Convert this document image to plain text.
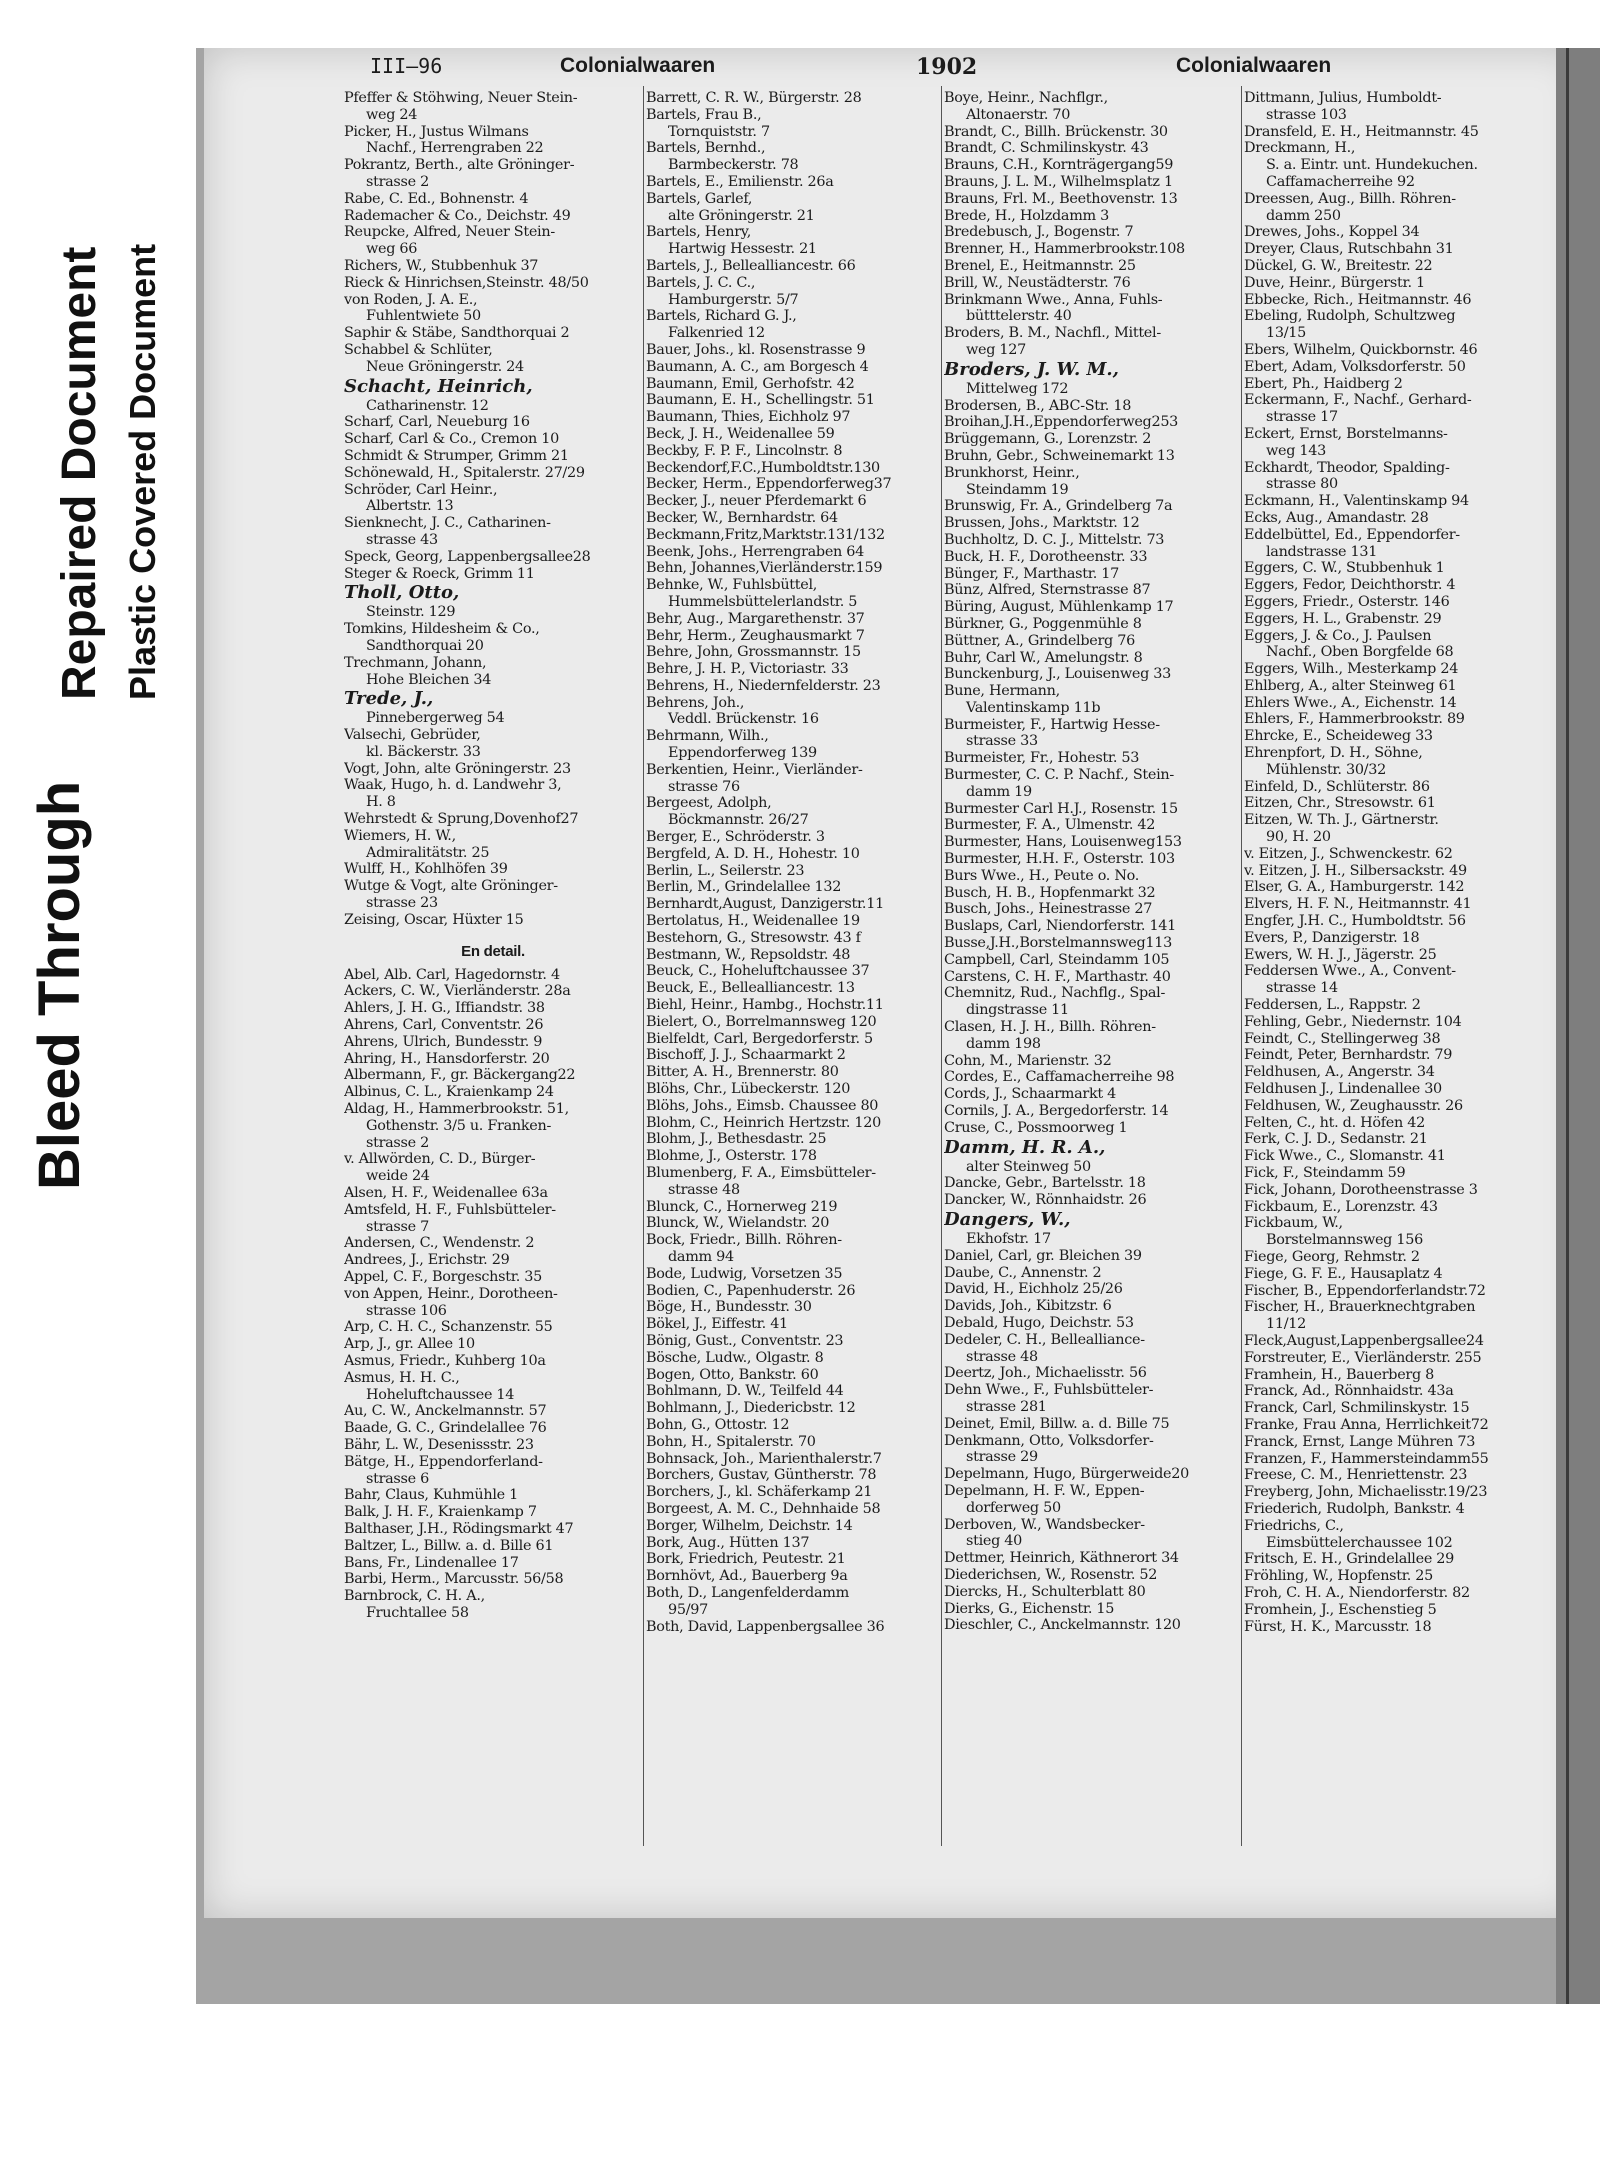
Bleed Through
Repaired Document Plastic Covered Document
III—96	Colonialwaaren	1902	Colonialwaaren
Pfeffer & Stöhwing, Neuer Stein-
weg 24
Picker, H., Justus Wilmans
Nachf., Herrengraben 22
Pokrantz, Berth., alte Gröninger-
strasse 2
Rabe, C. Ed., Bohnenstr. 4
Rademacher & Co., Deichstr. 49
Reupcke, Alfred, Neuer Stein-
weg 66
Richers, W., Stubbenhuk 37
Rieck & Hinrichsen,Steinstr. 48/50
von Roden, J. A. E.,
Fuhlentwiete 50
Saphir & Stäbe, Sandthorquai 2
Schabbel & Schlüter,
Neue Gröningerstr. 24
Schacht, Heinrich,
Catharinenstr. 12
Scharf, Carl, Neueburg 16
Scharf, Carl & Co., Cremon 10
Schmidt & Strumper, Grimm 21
Schönewald, H., Spitalerstr. 27/29
Schröder, Carl Heinr.,
Albertstr. 13
Sienknecht, J. C., Catharinen-
strasse 43
Speck, Georg, Lappenbergsallee28
Steger & Roeck, Grimm 11
Tholl, Otto,
Steinstr. 129
Tomkins, Hildesheim & Co.,
Sandthorquai 20
Trechmann, Johann,
Hohe Bleichen 34
Trede, J.,
Pinnebergerweg 54
Valsechi, Gebrüder,
kl. Bäckerstr. 33
Vogt, John, alte Gröningerstr. 23
Waak, Hugo, h. d. Landwehr 3,
H. 8
Wehrstedt & Sprung,Dovenhof27
Wiemers, H. W.,
Admiralitätstr. 25
Wulff, H., Kohlhöfen 39
Wutge & Vogt, alte Gröninger-
strasse 23
Zeising, Oscar, Hüxter 15
En detail.
Abel, Alb. Carl, Hagedornstr. 4
Ackers, C. W., Vierländerstr. 28a
Ahlers, J. H. G., Iffiandstr. 38
Ahrens, Carl, Conventstr. 26
Ahrens, Ulrich, Bundesstr. 9
Ahring, H., Hansdorferstr. 20
Albermann, F., gr. Bäckergang22
Albinus, C. L., Kraienkamp 24
Aldag, H., Hammerbrookstr. 51,
Gothenstr. 3/5 u. Franken-
strasse 2
v. Allwörden, C. D., Bürger-
weide 24
Alsen, H. F., Weidenallee 63a
Amtsfeld, H. F., Fuhlsbütteler-
strasse 7
Andersen, C., Wendenstr. 2
Andrees, J., Erichstr. 29
Appel, C. F., Borgeschstr. 35
von Appen, Heinr., Dorotheen-
strasse 106
Arp, C. H. C., Schanzenstr. 55
Arp, J., gr. Allee 10
Asmus, Friedr., Kuhberg 10a
Asmus, H. H. C.,
Hoheluftchaussee 14
Au, C. W., Anckelmannstr. 57
Baade, G. C., Grindelallee 76
Bähr, L. W., Desenissstr. 23
Bätge, H., Eppendorferland-
strasse 6
Bahr, Claus, Kuhmühle 1
Balk, J. H. F., Kraienkamp 7
Balthaser, J.H., Rödingsmarkt 47
Baltzer, L., Billw. a. d. Bille 61
Bans, Fr., Lindenallee 17
Barbi, Herm., Marcusstr. 56/58
Barnbrock, C. H. A.,
Fruchtallee 58
Barrett, C. R. W., Bürgerstr. 28
Bartels, Frau B.,
Tornquiststr. 7
Bartels, Bernhd.,
Barmbeckerstr. 78
Bartels, E., Emilienstr. 26a
Bartels, Garlef,
alte Gröningerstr. 21
Bartels, Henry,
Hartwig Hessestr. 21
Bartels, J., Bellealliancestr. 66
Bartels, J. C. C.,
Hamburgerstr. 5/7
Bartels, Richard G. J.,
Falkenried 12
Bauer, Johs., kl. Rosenstrasse 9
Baumann, A. C., am Borgesch 4
Baumann, Emil, Gerhofstr. 42
Baumann, E. H., Schellingstr. 51
Baumann, Thies, Eichholz 97
Beck, J. H., Weidenallee 59
Beckby, F. P. F., Lincolnstr. 8
Beckendorf,F.C.,Humboldtstr.130
Becker, Herm., Eppendorferweg37
Becker, J., neuer Pferdemarkt 6
Becker, W., Bernhardstr. 64
Beckmann,Fritz,Marktstr.131/132
Beenk, Johs., Herrengraben 64
Behn, Johannes,Vierländerstr.159
Behnke, W., Fuhlsbüttel,
Hummelsbüttelerlandstr. 5
Behr, Aug., Margarethenstr. 37
Behr, Herm., Zeughausmarkt 7
Behre, John, Grossmannstr. 15
Behre, J. H. P., Victoriastr. 33
Behrens, H., Niedernfelderstr. 23
Behrens, Joh.,
Veddl. Brückenstr. 16
Behrmann, Wilh.,
Eppendorferweg 139
Berkentien, Heinr., Vierländer-
strasse 76
Bergeest, Adolph,
Böckmannstr. 26/27
Berger, E., Schröderstr. 3
Bergfeld, A. D. H., Hohestr. 10
Berlin, L., Seilerstr. 23
Berlin, M., Grindelallee 132
Bernhardt,August, Danzigerstr.11
Bertolatus, H., Weidenallee 19
Bestehorn, G., Stresowstr. 43 f
Bestmann, W., Repsoldstr. 48
Beuck, C., Hoheluftchaussee 37
Beuck, E., Bellealliancestr. 13
Biehl, Heinr., Hambg., Hochstr.11
Bielert, O., Borrelmannsweg 120
Bielfeldt, Carl, Bergedorferstr. 5
Bischoff, J. J., Schaarmarkt 2
Bitter, A. H., Brennerstr. 80
Blöhs, Chr., Lübeckerstr. 120
Blöhs, Johs., Eimsb. Chaussee 80
Blohm, C., Heinrich Hertzstr. 120
Blohm, J., Bethesdastr. 25
Blohme, J., Osterstr. 178
Blumenberg, F. A., Eimsbütteler-
strasse 48
Blunck, C., Hornerweg 219
Blunck, W., Wielandstr. 20
Bock, Friedr., Billh. Röhren-
damm 94
Bode, Ludwig, Vorsetzen 35
Bodien, C., Papenhuderstr. 26
Böge, H., Bundesstr. 30
Bökel, J., Eiffestr. 41
Bönig, Gust., Conventstr. 23
Bösche, Ludw., Olgastr. 8
Bogen, Otto, Bankstr. 60
Bohlmann, D. W., Teilfeld 44
Bohlmann, J., Diedericbstr. 12
Bohn, G., Ottostr. 12
Bohn, H., Spitalerstr. 70
Bohnsack, Joh., Marienthalerstr.7
Borchers, Gustav, Güntherstr. 78
Borchers, J., kl. Schäferkamp 21
Borgeest, A. M. C., Dehnhaide 58
Borger, Wilhelm, Deichstr. 14
Bork, Aug., Hütten 137
Bork, Friedrich, Peutestr. 21
Bornhövt, Ad., Bauerberg 9a
Both, D., Langenfelderdamm
95/97
Both, David, Lappenbergsallee 36
Boye, Heinr., Nachflgr.,
Altonaerstr. 70
Brandt, C., Billh. Brückenstr. 30
Brandt, C. Schmilinskystr. 43
Brauns, C.H., Kornträgergang59
Brauns, J. L. M., Wilhelmsplatz 1
Brauns, Frl. M., Beethovenstr. 13
Brede, H., Holzdamm 3
Bredebusch, J., Bogenstr. 7
Brenner, H., Hammerbrookstr.108
Brenel, E., Heitmannstr. 25
Brill, W., Neustädterstr. 76
Brinkmann Wwe., Anna, Fuhls-
bütttelerstr. 40
Broders, B. M., Nachfl., Mittel-
weg 127
Broders, J. W. M.,
Mittelweg 172
Brodersen, B., ABC-Str. 18
Broihan,J.H.,Eppendorferweg253
Brüggemann, G., Lorenzstr. 2
Bruhn, Gebr., Schweinemarkt 13
Brunkhorst, Heinr.,
Steindamm 19
Brunswig, Fr. A., Grindelberg 7a
Brussen, Johs., Marktstr. 12
Buchholtz, D. C. J., Mittelstr. 73
Buck, H. F., Dorotheenstr. 33
Bünger, F., Marthastr. 17
Bünz, Alfred, Sternstrasse 87
Büring, August, Mühlenkamp 17
Bürkner, G., Poggenmühle 8
Büttner, A., Grindelberg 76
Buhr, Carl W., Amelungstr. 8
Bunckenburg, J., Louisenweg 33
Bune, Hermann,
Valentinskamp 11b
Burmeister, F., Hartwig Hesse-
strasse 33
Burmeister, Fr., Hohestr. 53
Burmester, C. C. P. Nachf., Stein-
damm 19
Burmester Carl H.J., Rosenstr. 15
Burmester, F. A., Ulmenstr. 42
Burmester, Hans, Louisenweg153
Burmester, H.H. F., Osterstr. 103
Burs Wwe., H., Peute o. No.
Busch, H. B., Hopfenmarkt 32
Busch, Johs., Heinestrasse 27
Buslaps, Carl, Niendorferstr. 141
Busse,J.H.,Borstelmannsweg113
Campbell, Carl, Steindamm 105
Carstens, C. H. F., Marthastr. 40
Chemnitz, Rud., Nachflg., Spal-
dingstrasse 11
Clasen, H. J. H., Billh. Röhren-
damm 198
Cohn, M., Marienstr. 32
Cordes, E., Caffamacherreihe 98
Cords, J., Schaarmarkt 4
Cornils, J. A., Bergedorferstr. 14
Cruse, C., Possmoorweg 1
Damm, H. R. A.,
alter Steinweg 50
Dancke, Gebr., Bartelsstr. 18
Dancker, W., Rönnhaidstr. 26
Dangers, W.,
Ekhofstr. 17
Daniel, Carl, gr. Bleichen 39
Daube, C., Annenstr. 2
David, H., Eichholz 25/26
Davids, Joh., Kibitzstr. 6
Debald, Hugo, Deichstr. 53
Dedeler, C. H., Bellealliance-
strasse 48
Deertz, Joh., Michaelisstr. 56
Dehn Wwe., F., Fuhlsbütteler-
strasse 281
Deinet, Emil, Billw. a. d. Bille 75
Denkmann, Otto, Volksdorfer-
strasse 29
Depelmann, Hugo, Bürgerweide20
Depelmann, H. F. W., Eppen-
dorferweg 50
Derboven, W., Wandsbecker-
stieg 40
Dettmer, Heinrich, Käthnerort 34
Diederichsen, W., Rosenstr. 52
Diercks, H., Schulterblatt 80
Dierks, G., Eichenstr. 15
Dieschler, C., Anckelmannstr. 120
Dittmann, Julius, Humboldt-
strasse 103
Dransfeld, E. H., Heitmannstr. 45
Dreckmann, H.,
S. a. Eintr. unt. Hundekuchen.
Caffamacherreihe 92
Dreessen, Aug., Billh. Röhren-
damm 250
Drewes, Johs., Koppel 34
Dreyer, Claus, Rutschbahn 31
Dückel, G. W., Breitestr. 22
Duve, Heinr., Bürgerstr. 1
Ebbecke, Rich., Heitmannstr. 46
Ebeling, Rudolph, Schultzweg
13/15
Ebers, Wilhelm, Quickbornstr. 46
Ebert, Adam, Volksdorferstr. 50
Ebert, Ph., Haidberg 2
Eckermann, F., Nachf., Gerhard-
strasse 17
Eckert, Ernst, Borstelmanns-
weg 143
Eckhardt, Theodor, Spalding-
strasse 80
Eckmann, H., Valentinskamp 94
Ecks, Aug., Amandastr. 28
Eddelbüttel, Ed., Eppendorfer-
landstrasse 131
Eggers, C. W., Stubbenhuk 1
Eggers, Fedor, Deichthorstr. 4
Eggers, Friedr., Osterstr. 146
Eggers, H. L., Grabenstr. 29
Eggers, J. & Co., J. Paulsen
Nachf., Oben Borgfelde 68
Eggers, Wilh., Mesterkamp 24
Ehlberg, A., alter Steinweg 61
Ehlers Wwe., A., Eichenstr. 14
Ehlers, F., Hammerbrookstr. 89
Ehrcke, E., Scheideweg 33
Ehrenpfort, D. H., Söhne,
Mühlenstr. 30/32
Einfeld, D., Schlüterstr. 86
Eitzen, Chr., Stresowstr. 61
Eitzen, W. Th. J., Gärtnerstr.
90, H. 20
v. Eitzen, J., Schwenckestr. 62
v. Eitzen, J. H., Silbersackstr. 49
Elser, G. A., Hamburgerstr. 142
Elvers, H. F. N., Heitmannstr. 41
Engfer, J.H. C., Humboldtstr. 56
Evers, P., Danzigerstr. 18
Ewers, W. H. J., Jägerstr. 25
Feddersen Wwe., A., Convent-
strasse 14
Feddersen, L., Rappstr. 2
Fehling, Gebr., Niedernstr. 104
Feindt, C., Stellingerweg 38
Feindt, Peter, Bernhardstr. 79
Feldhusen, A., Angerstr. 34
Feldhusen J., Lindenallee 30
Feldhusen, W., Zeughausstr. 26
Felten, C., ht. d. Höfen 42
Ferk, C. J. D., Sedanstr. 21
Fick Wwe., C., Slomanstr. 41
Fick, F., Steindamm 59
Fick, Johann, Dorotheenstrasse 3
Fickbaum, E., Lorenzstr. 43
Fickbaum, W.,
Borstelmannsweg 156
Fiege, Georg, Rehmstr. 2
Fiege, G. F. E., Hausaplatz 4
Fischer, B., Eppendorferlandstr.72
Fischer, H., Brauerknechtgraben
11/12
Fleck,August,Lappenbergsallee24
Forstreuter, E., Vierländerstr. 255
Framhein, H., Bauerberg 8
Franck, Ad., Rönnhaidstr. 43a
Franck, Carl, Schmilinskystr. 15
Franke, Frau Anna, Herrlichkeit72
Franck, Ernst, Lange Mühren 73
Franzen, F., Hammersteindamm55
Freese, C. M., Henriettenstr. 23
Freyberg, John, Michaelisstr.19/23
Friederich, Rudolph, Bankstr. 4
Friedrichs, C.,
Eimsbüttelerchaussee 102
Fritsch, E. H., Grindelallee 29
Fröhling, W., Hopfenstr. 25
Froh, C. H. A., Niendorferstr. 82
Fromhein, J., Eschenstieg 5
Fürst, H. K., Marcusstr. 18
